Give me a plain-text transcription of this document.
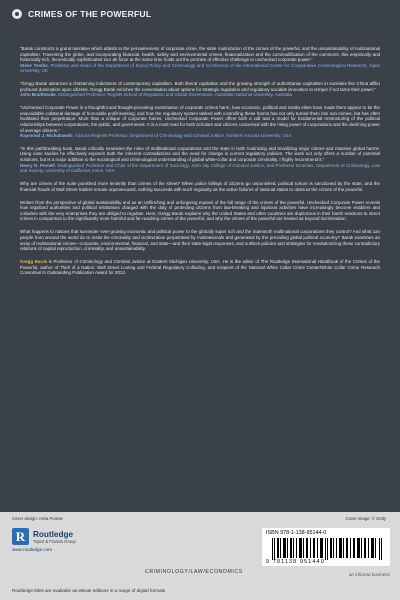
CRIMES OF THE POWERFUL
“Barak constructs a grand narrative which attests to the pervasiveness of corporate crime, the state routinization of the crimes of the powerful, and the unsustainability of multinational capitalism. Traversing the globe, and incorporating financial, health, safety and environmental crimes, financialization and the commodification of the commons, this empirically and historically rich, theoretically sophisticated tour de force at the same time holds out the promise of effective challenge to unchecked corporate power.”
Steve Tombs, Professor and Head of the Department of Social Policy and Criminology and Co-Director of the International Centre for Comparative Criminological Research, Open University, UK
“Gregg Barak advances a chastening indictment of contemporary capitalism. Both liberal capitalism and the growing strength of authoritarian capitalism in societies like China afflict profound domination upon citizens. Gregg Barak enriches the conversation about options for strategic regulation and regulatory socialist innovation to temper if not tame their power.”
John Braithwaite, Distinguished Professor, RegNet School of Regulation and Global Governance, Australian National University, Australia
“Unchecked Corporate Power is a thoughtful and thought-provoking examination of corporate crimes harm, how economic, political and media elites have made them appear to be the unavoidable collateral damage of honorable profit-seeking, and how the regulatory system tasked with controlling these harms has not only turned them into non-crimes, but has often facilitated their perpetration. More than a critique of corporate harms, Unchecked Corporate Power offers both a call and a model for fundamental restructuring of the political relationships between corporations, the public, and government. It is a must read for both scholars and citizens concerned with the rising power of corporations and the declining power of average citizens.”
Raymond J. Michalowski, Arizona Regents Professor, Department of Criminology and Criminal Justice, Northern Arizona University, USA
“In this pathbreaking book, Barak critically examines the roles of multinational corporations and the state in both routinizing and trivializing major crimes and massive global harms. Using case studies he effectively exposes both the inherent contradictions and the need for change in current regulatory policies. The work not only offers a number of potential solutions, but is a major addition to the sociological and criminological understanding of global white-collar and corporate criminality. I highly recommend it.”
Henry N. Pontell, Distinguished Professor and Chair of the Department of Sociology, John Jay College of Criminal Justice, and Professor Emeritus, Department of Criminology, Law and Society, University of California, Irvine, USA

Why are crimes of the suite punished more leniently than crimes of the street? When police killings of citizens go unpunished, political torture is sanctioned by the state, and the financial frauds of Wall Street traders remain unprosecuted, nothing succeeds with such regularity as the active failures of national states to obstruct the crimes of the powerful.

Written from the perspective of global sustainability and as an unflinching and unforgiving exposé of the full range of the crimes of the powerful, Unchecked Corporate Power reveals how legalized authorities and political institutions charged with the duty of protecting citizens from law-breaking and injurious activities have increasingly become enablers and colluders with the very enterprises they are obliged to regulate. Here, Gregg Barak explains why the United States and other countries are duplicitous in their harsh reactions to street crimes in comparison to the significantly more harmful and far-reaching crimes of the powerful, and why the crimes of the powerful are treated as beyond incrimination.

What happens to nations that surrender ever-growing economic and political power to the globally super rich and the mammoth multinational corporations they control? And what can people from around the world do to resist the criminality and victimization perpetrated by multinationals and generated by the prevailing global political economy? Barak examines an array of multinational crimes—corporate, environmental, financial, and state—and their state-legal responses, and outlines policies and strategies for revolutionizing these contradictory relations of capital reproduction, criminality, and unsustainability.

Gregg Barak is Professor of Criminology and Criminal Justice at Eastern Michigan University, USA. He is the editor of The Routledge International Handbook of the Crimes of the Powerful, author of Theft of a Nation: Wall Street Looting and Federal Regulatory Colluding, and recipient of the National White Collar Crime Center/White Collar Crime Research Consortium's Outstanding Publication Award for 2012.

Cover design: Asha Pearse	Cover image: © Getty
R Routledge
Taylor & Francis Group
www.routledge.com
CRIMINOLOGY/LAW/ECONOMICS
ISBN 978-1-138-95144-0
9 781138 951440
an informa business
Routledge titles are available as eBook editions in a range of digital formats
